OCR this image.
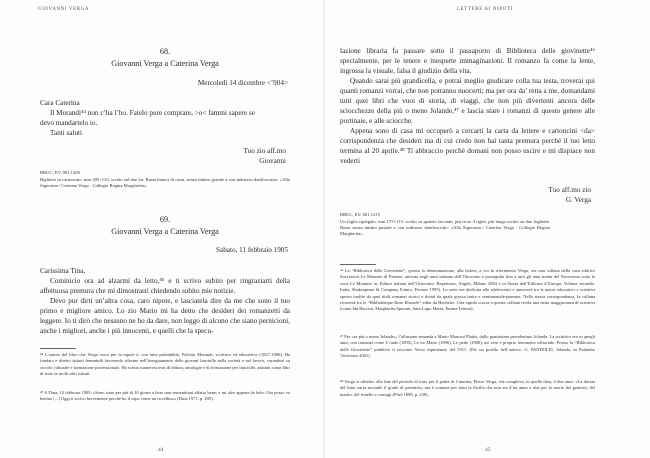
GIOVANNI VERGA
68.
Giovanni Verga a Caterina Verga
Mercoledì 14 dicembre <’904>
Cara Caterina
Il Morandi⁴⁴ non c’ha l’ho. Fatelo pure comprare, >o< fammi sapere se
devo mandartelo io.
Tanti saluti
Tuo zio aff.mo
Giovanni
BRUC, EV. 001.1206
Biglietto in cartoncino, mm 205×133, scritto sul due fai. Busta bianca di carta, senza timbro grande a con indirizzo dattiloscritto: «Alla Signorina / Caterina Verga · Collegio Regina Margherita».
69.
Giovanni Verga a Caterina Verga
Sabato, 11 febbraio 1905
Carissima Tina,

Cominicio ora ad alzarmi da letto,⁴⁵ e ti scrivo subito per ringraziarti della affettuosa premura che mi dimostrasti chiedendo subito mie notizie.

Devo pur dirti un’altra cosa, caro nipote, e lasciatela dire da me che sono il tuo primo e migliore amico. Lo zio Mario mi ha detto che desideri dei romanzetti da leggere. Io ti dirò che nessuno ne ho da dare, non leggo di alcuno che siano pernicioni, anche i migliori, anche i più innocenti, e quelli che la specu-

⁴⁴ L’autore del libro che Verga cerca per la nipote è, con tutta probabilità, Felicita Morandi, scrittrice ed educatrice (1827-1906). Ha fondato e diretto istituti femminili favorendo riforme nell’insegnamento delle giovani fanciulle nella società e nel lavoro, curandosi su circolo culturale e formazione professionale. Ha scritto numerosi testi di lettura, antologie e di formazione per fanciulle, adattati come libri di testo in molti altri istituti.

⁴⁵ A Dina, 12 febbraio 1905: «Sono stato per più di 10 giorni a letto non sentendomi affatto bene; e mi alzo appena da letto. Ora posso va benino [...] Oggi ti scrivo brevemente perché ho il capo come un uccellino» (Dina 1971, p. 295).

44
LETTERE AI NIPOTI

lazione libraria fa passare sotto il passaporto di Biblioteca delle giovinette⁴⁶ specialmente, per le tenere e inesperte immaginazioni. Il romanzo fa come la lente, ingrossa la visuale, falsa il giudizio della vita.

Quando sarai più grandicella, e potrai meglio giudicare colla tua testa, troverai qui quanti romanzi vorrai, che non potranno nuocerti; ma per ora da’ retta a me, domandami tutti quei libri che vuoi di storia, di viaggi, che non più divertenti ancora delle sciocchezze della più o meno Jolande,⁴⁷ e lascia stare i romanzi di questo genere alle portinaie, e alle sciocche.

Appena sono di casa mi occuperò a cercarti la carta da lettere e cartoncini <da> corrispondenza che desideri ma di cui credo non hai tanta premura perché il tuo letto termina al 20 aprile.⁴⁸ Ti abbraccio perché domani non posso uscire e mi dispiace non vederti

Tuo aff.mo zio
G. Verga
BRUC, EV. 001.1215
Un foglio ripiegato, mm 175×113, scritto su quattro facciate; più recto 3 righe, più lungo scritto su due fogliette. Busta senza timbro postale e con indirizzo dattiloscritto: «Alla Signorina / Caterina Verga · Collegio Regina Margherita».

⁴⁶ La “Biblioteca delle Giovinette”, questa la denominazione, alla lettera, a cui fa riferimento Verga, era una collana della casa editrice Successori Le Monnier di Firenze, attivata negli anni settanta dell’Ottocento e proseguita fino a tutti gli anni trenta del Novecento sotto la voce Le Monnier ia, Editori italiani dell’Ottocento. Repertorio, Angeli, Milano 2004 e in Storia dell’Editoria d’Europa. Volume secondo. Italia, Shakespeare & Company Futura, Firenze 1995). La serie era dedicata alle adolescenti e annoverà tra le autori educatrici e scrittrici spesso tradite da quei titoli romanzi storici e dotati da quale grossa tratta e sentimentale-paesane. Nella stessa corrispondenza, la collana ricorrerà fra le “Bibliothèque Rose Illustrée” edita da Hachette. Una rapida scorsa a questa collana rivela una netta maggioranza di scrittrici (come Ida Baccini, Margherita Sporoni, Sara Lupo Marta, Emma Tettoni).

⁴⁷ Per «se più o meno Jolande», l’allusione rimanda a Mario Mancini Plattis, dallo gianissimo pseudonimo Jolanda. La scrittrice era in quegli anni, con romanzi come L’onde (1895), Le tre Marie (1896), Le perle (1900), un vero e proprio fenomeno editoriale. Presso la “Biblioteca delle Giovinette” pubblicò il racconto Verso esperienza; del 1911. (Per un profilo dell’autrice, G. PANDOLFI, Jolanda, in Palumbo Vittorioso 2001).

⁴⁸ Verga si affretta: alla fine del periodo di lutto per il padre di Caterina, Pietro Verga, che compleva, in quella data, il due anni: «La durata del lutto varia secondo il grado di parentela; ma è comune per tutta la Sicilia che non sia d’un anno a due per la morte dei genitori, del marito, del fratello e coniugi (Pitrè 1889, p. 238).

45
